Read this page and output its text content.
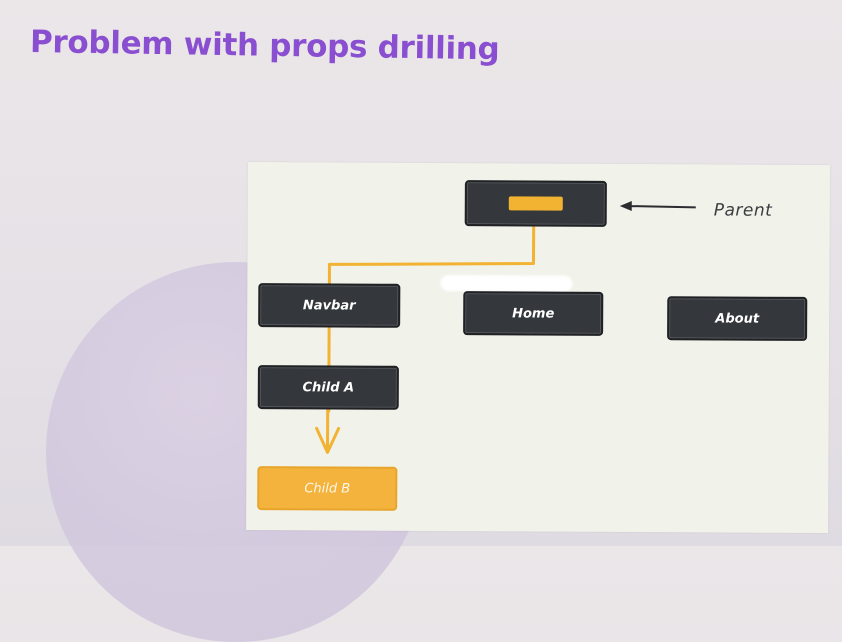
Problem with props drilling
Parent
Navbar
Home	About
Child A
Child B
